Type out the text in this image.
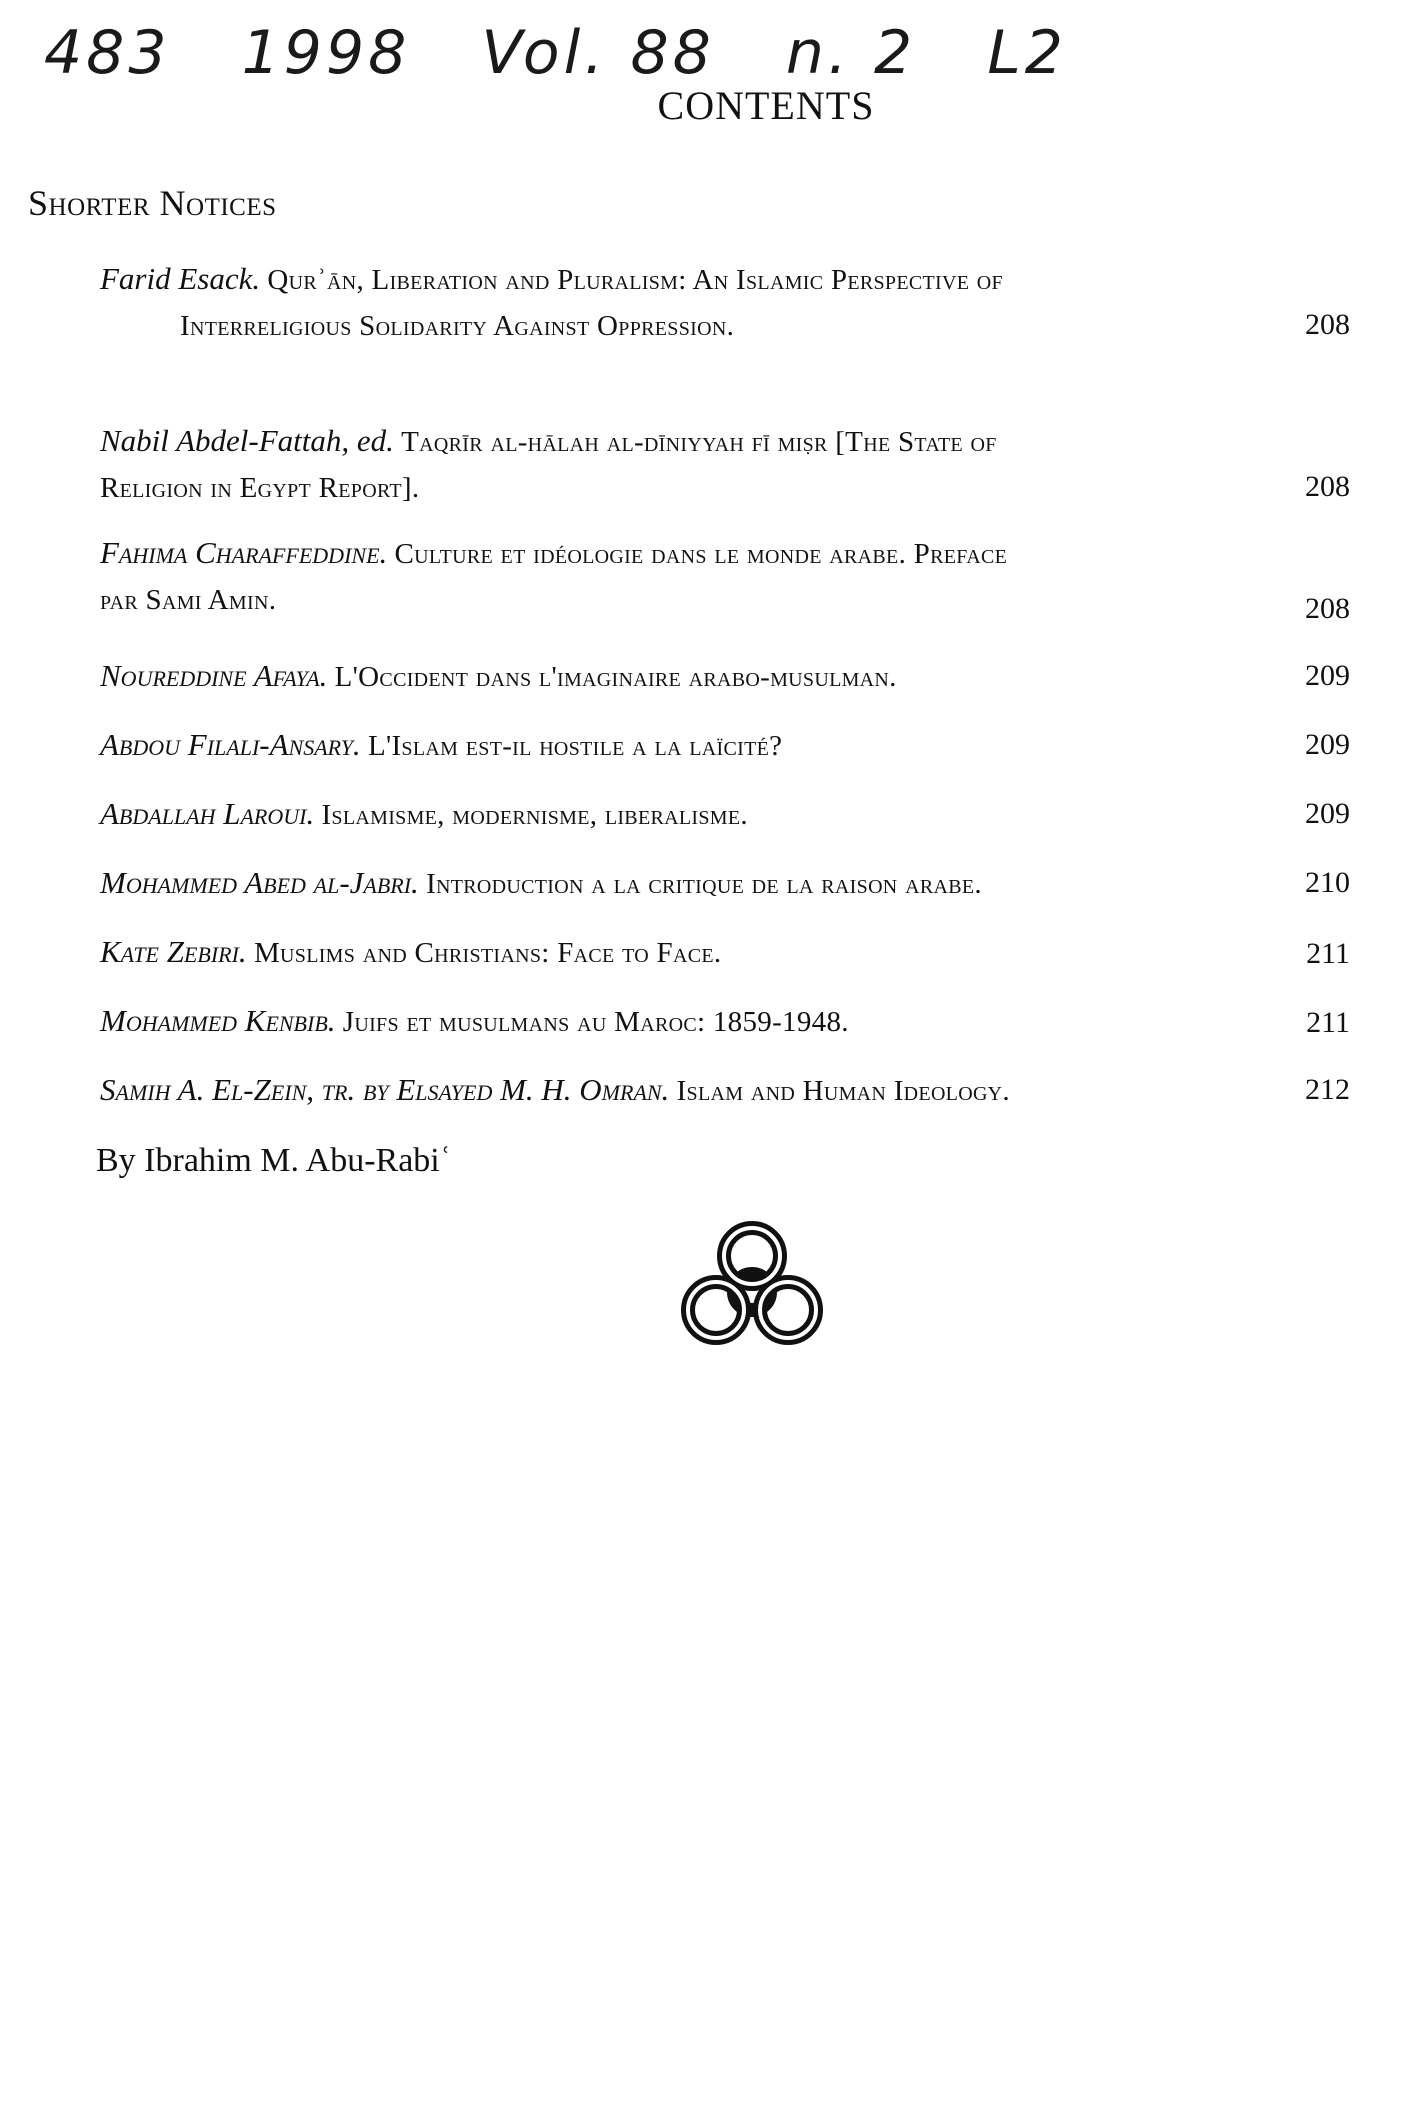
483 1998 Vol. 88 n. 2 L2
CONTENTS
Shorter Notices
Farid Esack. Qurʾān, Liberation and Pluralism: An Islamic Perspective of
Interreligious Solidarity Against Oppression.	208
Nabil Abdel-Fattah, ed. Taqrīr al-hālah al-dīniyyah fī miṣr [The State of
Religion in Egypt Report].	208
Fahima Charaffeddine. Culture et idéologie dans le monde arabe. Preface
par Sami Amin.	208
Noureddine Afaya. L'Occident dans l'imaginaire arabo-musulman.	209
Abdou Filali-Ansary. L'Islam est-il hostile a la laïcité?	209
Abdallah Laroui. Islamisme, modernisme, liberalisme.	209
Mohammed Abed al-Jabri. Introduction a la critique de la raison arabe.	210
Kate Zebiri. Muslims and Christians: Face to Face.	211
Mohammed Kenbib. Juifs et musulmans au Maroc: 1859-1948.	211
Samih A. El-Zein, tr. by Elsayed M. H. Omran. Islam and Human Ideology.	212
By Ibrahim M. Abu-Rabiʿ
